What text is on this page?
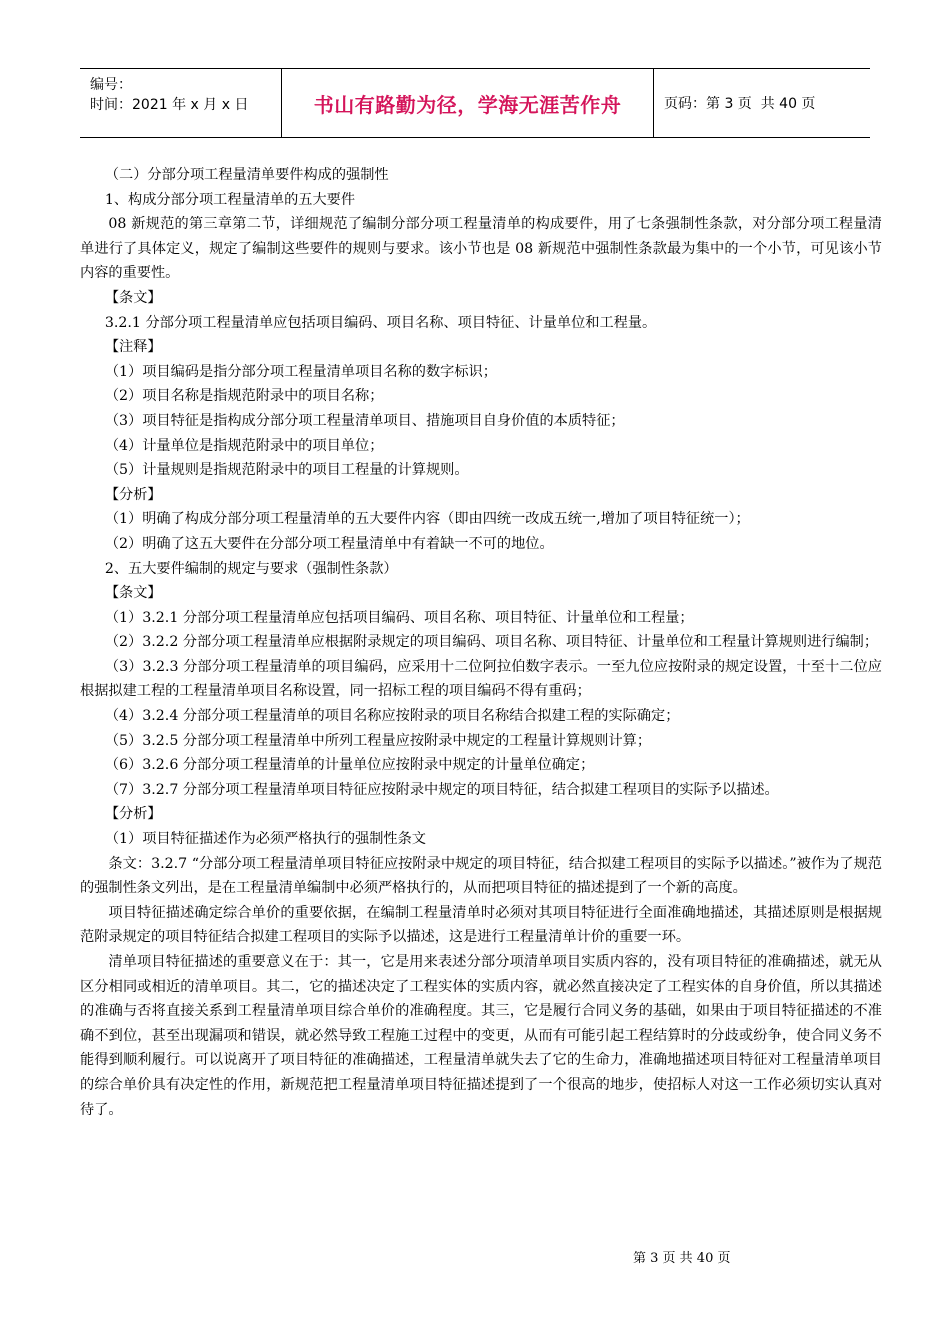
编号：
时间：2021 年 x 月 x 日	书山有路勤为径，学海无涯苦作舟	页码：第 3 页  共 40 页

（二）分部分项工程量清单要件构成的强制性

1、构成分部分项工程量清单的五大要件

08 新规范的第三章第二节，详细规范了编制分部分项工程量清单的构成要件，用了七条强制性条款，对分部分项工程量清单进行了具体定义，规定了编制这些要件的规则与要求。该小节也是 08 新规范中强制性条款最为集中的一个小节，可见该小节内容的重要性。

【条文】

3.2.1 分部分项工程量清单应包括项目编码、项目名称、项目特征、计量单位和工程量。

【注释】

（1）项目编码是指分部分项工程量清单项目名称的数字标识；

（2）项目名称是指规范附录中的项目名称；

（3）项目特征是指构成分部分项工程量清单项目、措施项目自身价值的本质特征；

（4）计量单位是指规范附录中的项目单位；

（5）计量规则是指规范附录中的项目工程量的计算规则。

【分析】

（1）明确了构成分部分项工程量清单的五大要件内容（即由四统一改成五统一,增加了项目特征统一）；

（2）明确了这五大要件在分部分项工程量清单中有着缺一不可的地位。

2、五大要件编制的规定与要求（强制性条款）

【条文】

（1）3.2.1 分部分项工程量清单应包括项目编码、项目名称、项目特征、计量单位和工程量；

（2）3.2.2 分部分项工程量清单应根据附录规定的项目编码、项目名称、项目特征、计量单位和工程量计算规则进行编制；

（3）3.2.3 分部分项工程量清单的项目编码，应采用十二位阿拉伯数字表示。一至九位应按附录的规定设置，十至十二位应根据拟建工程的工程量清单项目名称设置，同一招标工程的项目编码不得有重码；

（4）3.2.4 分部分项工程量清单的项目名称应按附录的项目名称结合拟建工程的实际确定；

（5）3.2.5 分部分项工程量清单中所列工程量应按附录中规定的工程量计算规则计算；

（6）3.2.6 分部分项工程量清单的计量单位应按附录中规定的计量单位确定；

（7）3.2.7 分部分项工程量清单项目特征应按附录中规定的项目特征，结合拟建工程项目的实际予以描述。

【分析】

（1）项目特征描述作为必须严格执行的强制性条文

条文：3.2.7 “分部分项工程量清单项目特征应按附录中规定的项目特征，结合拟建工程项目的实际予以描述。”被作为了规范的强制性条文列出，是在工程量清单编制中必须严格执行的，从而把项目特征的描述提到了一个新的高度。

项目特征描述确定综合单价的重要依据，在编制工程量清单时必须对其项目特征进行全面准确地描述，其描述原则是根据规范附录规定的项目特征结合拟建工程项目的实际予以描述，这是进行工程量清单计价的重要一环。

清单项目特征描述的重要意义在于：其一，它是用来表述分部分项清单项目实质内容的，没有项目特征的准确描述，就无从区分相同或相近的清单项目。其二，它的描述决定了工程实体的实质内容，就必然直接决定了工程实体的自身价值，所以其描述的准确与否将直接关系到工程量清单项目综合单价的准确程度。其三，它是履行合同义务的基础，如果由于项目特征描述的不准确不到位，甚至出现漏项和错误，就必然导致工程施工过程中的变更，从而有可能引起工程结算时的分歧或纷争，使合同义务不能得到顺利履行。可以说离开了项目特征的准确描述，工程量清单就失去了它的生命力，准确地描述项目特征对工程量清单项目的综合单价具有决定性的作用，新规范把工程量清单项目特征描述提到了一个很高的地步，使招标人对这一工作必须切实认真对待了。

第 3 页 共 40 页
